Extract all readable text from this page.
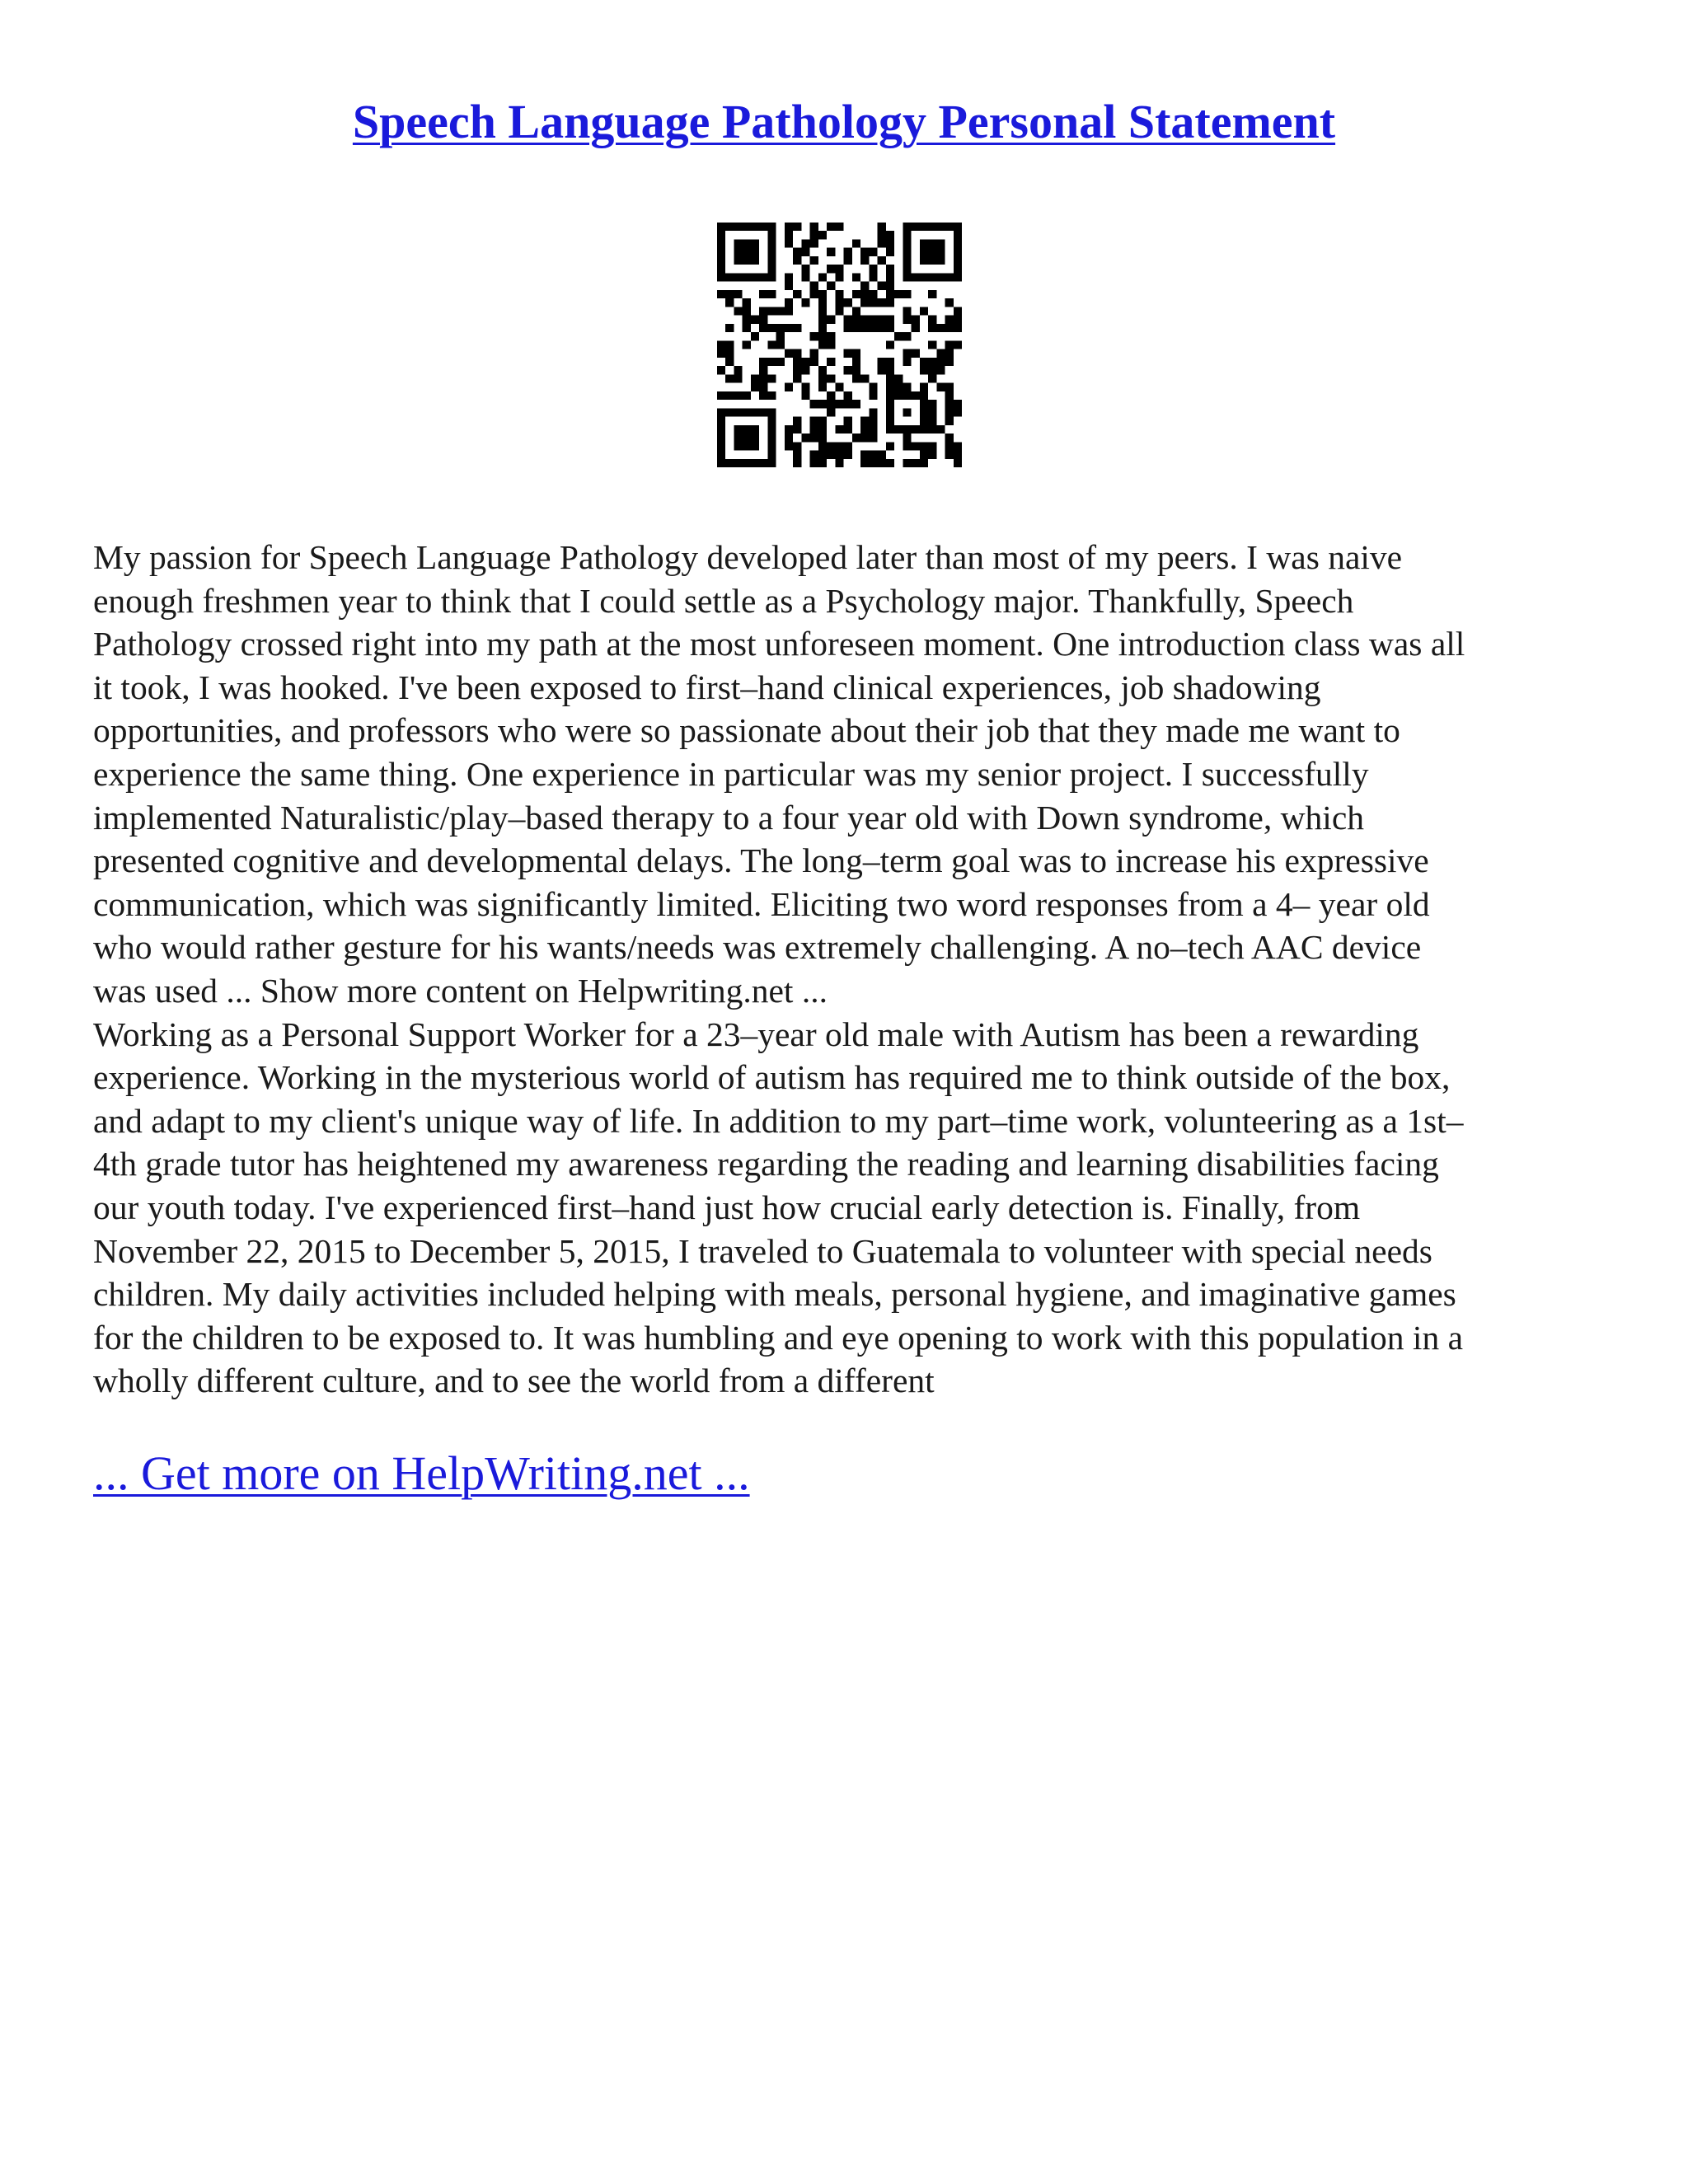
Speech Language Pathology Personal Statement

My passion for Speech Language Pathology developed later than most of my peers. I was naive
enough freshmen year to think that I could settle as a Psychology major. Thankfully, Speech
Pathology crossed right into my path at the most unforeseen moment. One introduction class was all
it took, I was hooked. I've been exposed to first–hand clinical experiences, job shadowing
opportunities, and professors who were so passionate about their job that they made me want to
experience the same thing. One experience in particular was my senior project. I successfully
implemented Naturalistic/play–based therapy to a four year old with Down syndrome, which
presented cognitive and developmental delays. The long–term goal was to increase his expressive
communication, which was significantly limited. Eliciting two word responses from a 4– year old
who would rather gesture for his wants/needs was extremely challenging. A no–tech AAC device
was used ... Show more content on Helpwriting.net ...

Working as a Personal Support Worker for a 23–year old male with Autism has been a rewarding
experience. Working in the mysterious world of autism has required me to think outside of the box,
and adapt to my client's unique way of life. In addition to my part–time work, volunteering as a 1st–
4th grade tutor has heightened my awareness regarding the reading and learning disabilities facing
our youth today. I've experienced first–hand just how crucial early detection is. Finally, from
November 22, 2015 to December 5, 2015, I traveled to Guatemala to volunteer with special needs
children. My daily activities included helping with meals, personal hygiene, and imaginative games
for the children to be exposed to. It was humbling and eye opening to work with this population in a
wholly different culture, and to see the world from a different

... Get more on HelpWriting.net ...
